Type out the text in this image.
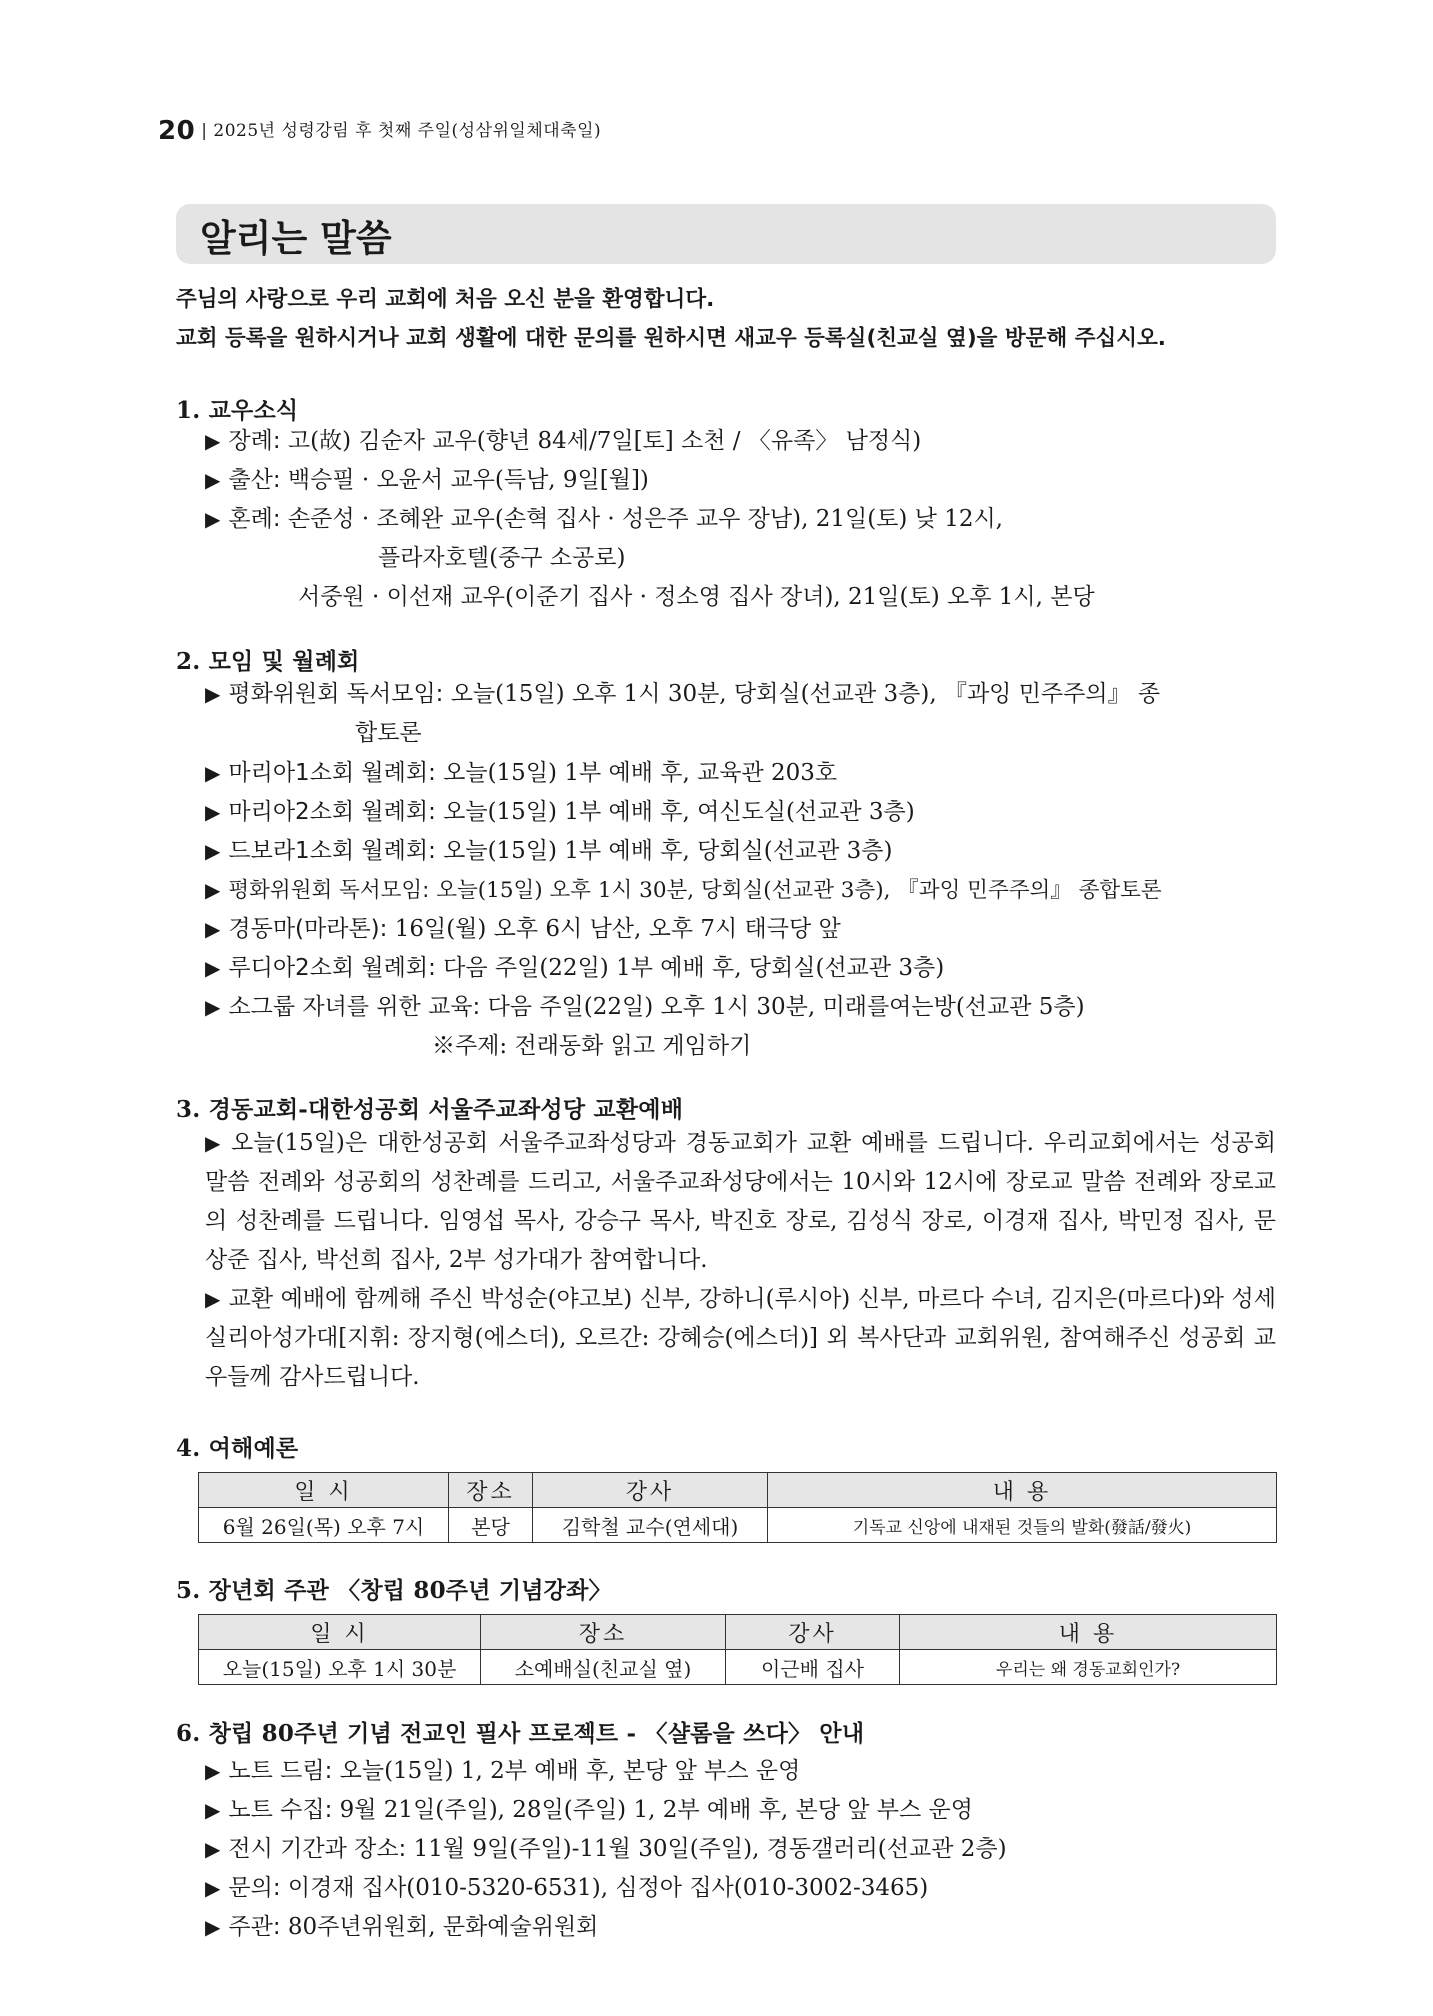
20 | 2025년 성령강림 후 첫째 주일(성삼위일체대축일)
알리는 말씀
주님의 사랑으로 우리 교회에 처음 오신 분을 환영합니다.
교회 등록을 원하시거나 교회 생활에 대한 문의를 원하시면 새교우 등록실(친교실 옆)을 방문해 주십시오.
1. 교우소식
▶ 장례: 고(故) 김순자 교우(향년 84세/7일[토] 소천 / 〈유족〉 남정식)
▶ 출산: 백승필 · 오윤서 교우(득남, 9일[월])
▶ 혼례: 손준성 · 조혜완 교우(손혁 집사 · 성은주 교우 장남), 21일(토) 낮 12시,
플라자호텔(중구 소공로)
서중원 · 이선재 교우(이준기 집사 · 정소영 집사 장녀), 21일(토) 오후 1시, 본당
2. 모임 및 월례회
▶ 평화위원회 독서모임: 오늘(15일) 오후 1시 30분, 당회실(선교관 3층), 『과잉 민주주의』 종
합토론
▶ 마리아1소회 월례회: 오늘(15일) 1부 예배 후, 교육관 203호
▶ 마리아2소회 월례회: 오늘(15일) 1부 예배 후, 여신도실(선교관 3층)
▶ 드보라1소회 월례회: 오늘(15일) 1부 예배 후, 당회실(선교관 3층)
▶ 평화위원회 독서모임: 오늘(15일) 오후 1시 30분, 당회실(선교관 3층), 『과잉 민주주의』 종합토론
▶ 경동마(마라톤): 16일(월) 오후 6시 남산, 오후 7시 태극당 앞
▶ 루디아2소회 월례회: 다음 주일(22일) 1부 예배 후, 당회실(선교관 3층)
▶ 소그룹 자녀를 위한 교육: 다음 주일(22일) 오후 1시 30분, 미래를여는방(선교관 5층)
※주제: 전래동화 읽고 게임하기
3. 경동교회-대한성공회 서울주교좌성당 교환예배
▶ 오늘(15일)은 대한성공회 서울주교좌성당과 경동교회가 교환 예배를 드립니다. 우리교회에서는 성공회 말씀 전례와 성공회의 성찬례를 드리고, 서울주교좌성당에서는 10시와 12시에 장로교 말씀 전례와 장로교의 성찬례를 드립니다. 임영섭 목사, 강승구 목사, 박진호 장로, 김성식 장로, 이경재 집사, 박민정 집사, 문상준 집사, 박선희 집사, 2부 성가대가 참여합니다.
▶ 교환 예배에 함께해 주신 박성순(야고보) 신부, 강하니(루시아) 신부, 마르다 수녀, 김지은(마르다)와 성세실리아성가대[지휘: 장지형(에스더), 오르간: 강혜승(에스더)] 외 복사단과 교회위원, 참여해주신 성공회 교우들께 감사드립니다.
4. 여해예론
일 시	장소	강사	내 용
6월 26일(목) 오후 7시	본당	김학철 교수(연세대)	기독교 신앙에 내재된 것들의 발화(發話/發火)
5. 장년회 주관 〈창립 80주년 기념강좌〉
일 시	장소	강사	내 용
오늘(15일) 오후 1시 30분	소예배실(친교실 옆)	이근배 집사	우리는 왜 경동교회인가?
6. 창립 80주년 기념 전교인 필사 프로젝트 - 〈샬롬을 쓰다〉 안내
▶ 노트 드림: 오늘(15일) 1, 2부 예배 후, 본당 앞 부스 운영
▶ 노트 수집: 9월 21일(주일), 28일(주일) 1, 2부 예배 후, 본당 앞 부스 운영
▶ 전시 기간과 장소: 11월 9일(주일)-11월 30일(주일), 경동갤러리(선교관 2층)
▶ 문의: 이경재 집사(010-5320-6531), 심정아 집사(010-3002-3465)
▶ 주관: 80주년위원회, 문화예술위원회
